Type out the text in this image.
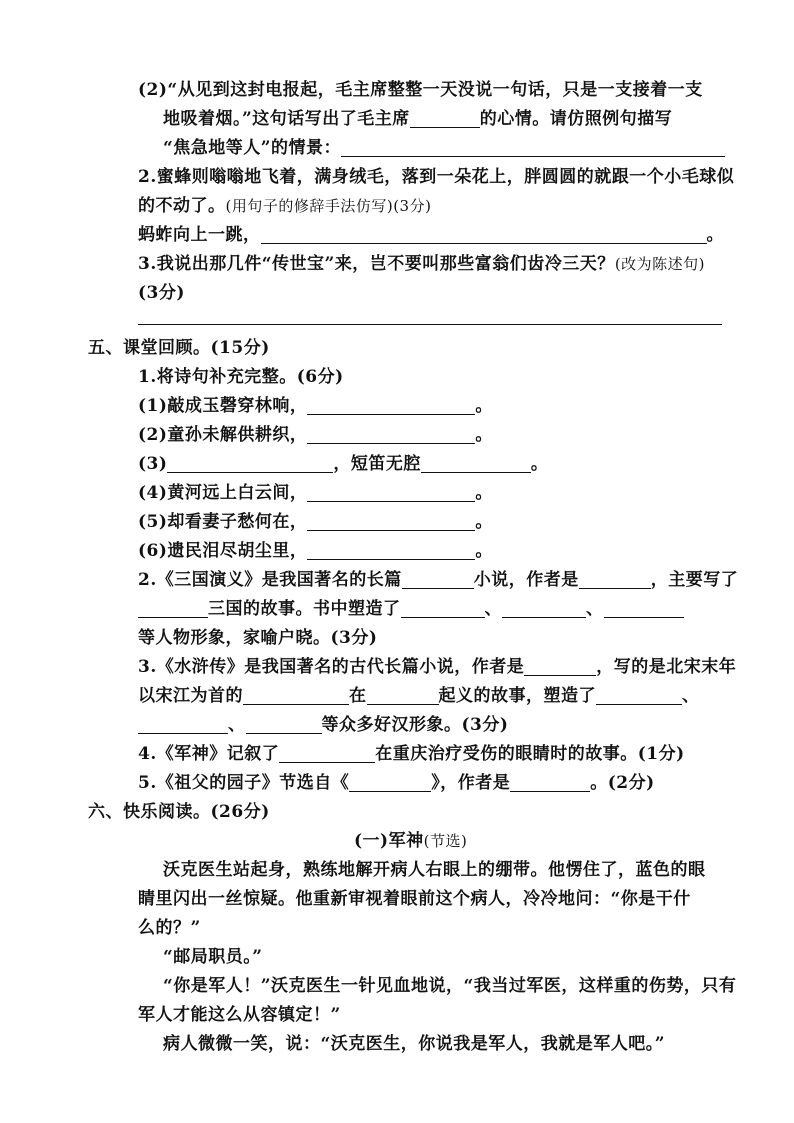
(2)“从见到这封电报起，毛主席整整一天没说一句话，只是一支接着一支
地吸着烟。”这句话写出了毛主席	的心情。请仿照例句描写
“焦急地等人”的情景：
2.蜜蜂则嗡嗡地飞着，满身绒毛，落到一朵花上，胖圆圆的就跟一个小毛球似
的不动了。(用句子的修辞手法仿写)(3分)
蚂蚱向上一跳，	。
3.我说出那几件“传世宝”来，岂不要叫那些富翁们齿冷三天？(改为陈述句)
(3分)
五、课堂回顾。(15分)
1.将诗句补充完整。(6分)
(1)敲成玉磬穿林响，	。
(2)童孙未解供耕织，	。
(3)	，短笛无腔	。
(4)黄河远上白云间，	。
(5)却看妻子愁何在，	。
(6)遗民泪尽胡尘里，	。
2.《三国演义》是我国著名的长篇	小说，作者是	，主要写了
三国的故事。书中塑造了	、	、
等人物形象，家喻户晓。(3分)
3.《水浒传》是我国著名的古代长篇小说，作者是	，写的是北宋末年
以宋江为首的	在	起义的故事，塑造了	、
、	等众多好汉形象。(3分)
4.《军神》记叙了	在重庆治疗受伤的眼睛时的故事。(1分)
5.《祖父的园子》节选自《	》，作者是	。(2分)
六、快乐阅读。(26分)
(一)军神(节选)
沃克医生站起身，熟练地解开病人右眼上的绷带。他愣住了，蓝色的眼
睛里闪出一丝惊疑。他重新审视着眼前这个病人，冷冷地问：“你是干什
么的？”
“邮局职员。”
“你是军人！”沃克医生一针见血地说，“我当过军医，这样重的伤势，只有
军人才能这么从容镇定！”
病人微微一笑，说：“沃克医生，你说我是军人，我就是军人吧。”
